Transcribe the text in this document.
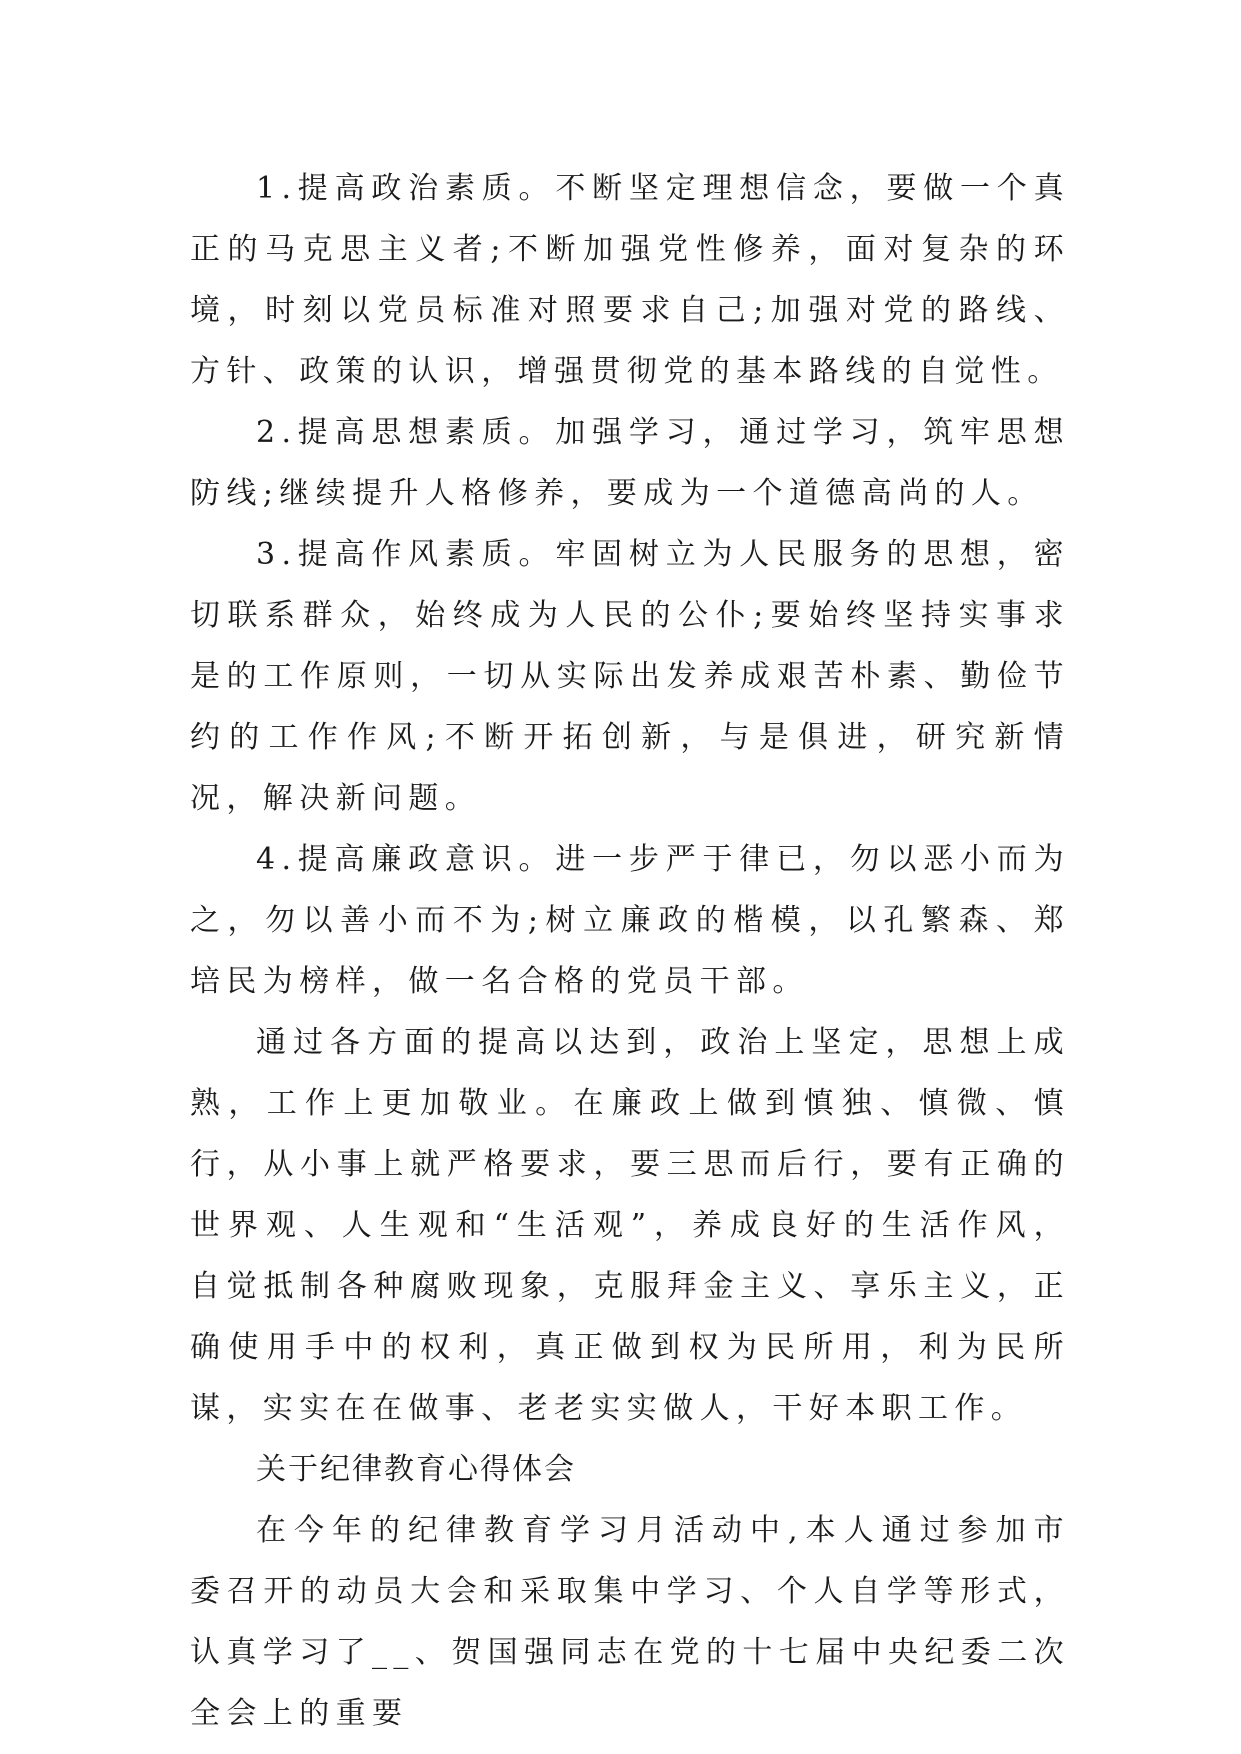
1.提高政治素质。不断坚定理想信念，要做一个真正的马克思主义者;不断加强党性修养，面对复杂的环境，时刻以党员标准对照要求自己;加强对党的路线、方针、政策的认识，增强贯彻党的基本路线的自觉性。

2.提高思想素质。加强学习，通过学习，筑牢思想防线;继续提升人格修养，要成为一个道德高尚的人。

3.提高作风素质。牢固树立为人民服务的思想，密切联系群众，始终成为人民的公仆;要始终坚持实事求是的工作原则，一切从实际出发养成艰苦朴素、勤俭节约的工作作风;不断开拓创新，与是俱进，研究新情况，解决新问题。

4.提高廉政意识。进一步严于律已，勿以恶小而为之，勿以善小而不为;树立廉政的楷模，以孔繁森、郑培民为榜样，做一名合格的党员干部。

通过各方面的提高以达到，政治上坚定，思想上成熟，工作上更加敬业。在廉政上做到慎独、慎微、慎行，从小事上就严格要求，要三思而后行，要有正确的世界观、人生观和“生活观”，养成良好的生活作风，自觉抵制各种腐败现象，克服拜金主义、享乐主义，正确使用手中的权利，真正做到权为民所用，利为民所谋，实实在在做事、老老实实做人，干好本职工作。

关于纪律教育心得体会

在今年的纪律教育学习月活动中,本人通过参加市委召开的动员大会和采取集中学习、个人自学等形式，认真学习了__、贺国强同志在党的十七届中央纪委二次全会上的重要
